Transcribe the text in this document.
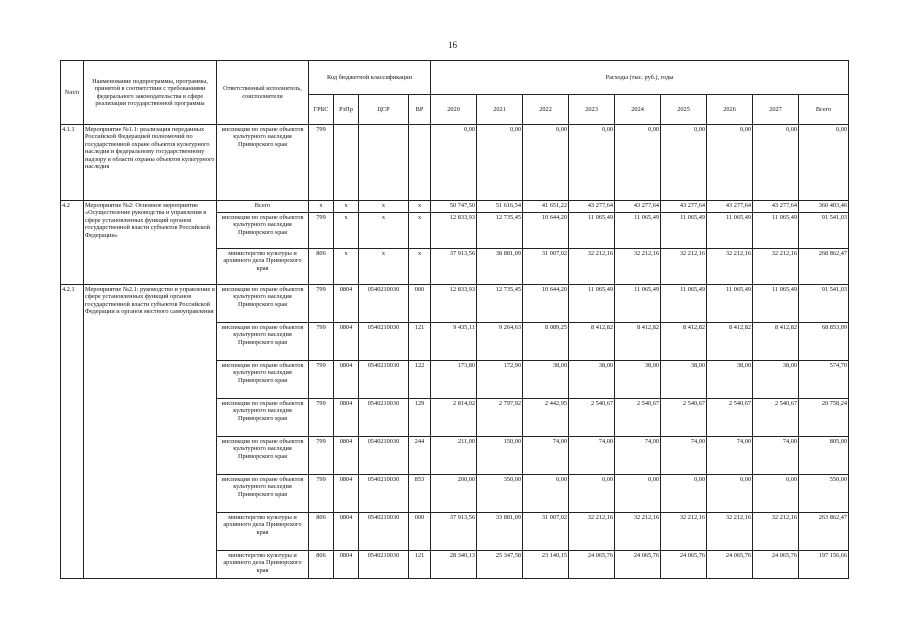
16
№п/п	Наименование подпрограммы, программы, принятой в соответствии с требованиями федерального законодательства в сфере реализации государственной программы	Ответственный исполнитель, соисполнители	Код бюджетной классификации				Расходы (тыс. руб.), годы								
			ГРБС	РзПр	ЦСР	ВР	2020	2021	2022	2023	2024	2025	2026	2027	Всего
4.1.1	Мероприятие №1.1: реализация переданных Российской Федерацией полномочий по государственной охране объектов культурного наследия и федеральному государственному надзору в области охраны объектов культурного наследия	инспекция по охране объектов культурного наследия Приморского края	799				0,00	0,00	0,00	0,00	0,00	0,00	0,00	0,00	0,00
4.2	Мероприятие №2: Основное мероприятие «Осуществление руководства и управления в сфере установленных функций органов государственной власти субъектов Российской Федерации»	Всего	x	x	x	x	50 747,50	51 616,54	41 651,22	43 277,64	43 277,64	43 277,64	43 277,64	43 277,64	360 403,46
		инспекция по охране объектов культурного наследия Приморского края	799	x	x	x	12 833,93	12 735,45	10 644,20	11 065,49	11 065,49	11 065,49	11 065,49	11 065,49	91 541,03
		министерство культуры и архивного дела Приморского края	806	x	x	x	37 913,56	38 881,09	31 007,02	32 212,16	32 212,16	32 212,16	32 212,16	32 212,16	268 862,47
4.2.1	Мероприятие №2.1: руководство и управление в сфере установленных функций органов государственной власти субъектов Российской Федерации и органов местного самоуправления	инспекция по охране объектов культурного наследия Приморского края	799	0804	0540210030	000	12 833,93	12 735,45	10 644,20	11 065,49	11 065,49	11 065,49	11 065,49	11 065,49	91 541,03
		инспекция по охране объектов культурного наследия Приморского края	799	0804	0540210030	121	9 435,11	9 264,63	8 089,25	8 412,82	8 412,82	8 412,82	8 412,82	8 412,82	68 853,09
		инспекция по охране объектов культурного наследия Приморского края	799	0804	0540210030	122	173,80	172,90	38,00	38,00	38,00	38,00	38,00	38,00	574,70
		инспекция по охране объектов культурного наследия Приморского края	799	0804	0540210030	129	2 814,02	2 797,92	2 442,95	2 540,67	2 540,67	2 540,67	2 540,67	2 540,67	20 758,24
		инспекция по охране объектов культурного наследия Приморского края	799	0804	0540210030	244	211,00	150,00	74,00	74,00	74,00	74,00	74,00	74,00	805,00
		инспекция по охране объектов культурного наследия Приморского края	799	0804	0540210030	853	200,00	350,00	0,00	0,00	0,00	0,00	0,00	0,00	550,00
		министерство культуры и архивного дела Приморского края	806	0804	0540210030	000	37 913,56	33 881,09	31 007,02	32 212,16	32 212,16	32 212,16	32 212,16	32 212,16	263 862,47
		министерство культуры и архивного дела Приморского края	806	0804	0540210030	121	28 340,13	25 347,58	23 140,15	24 065,76	24 065,76	24 065,76	24 065,76	24 065,76	197 156,66
